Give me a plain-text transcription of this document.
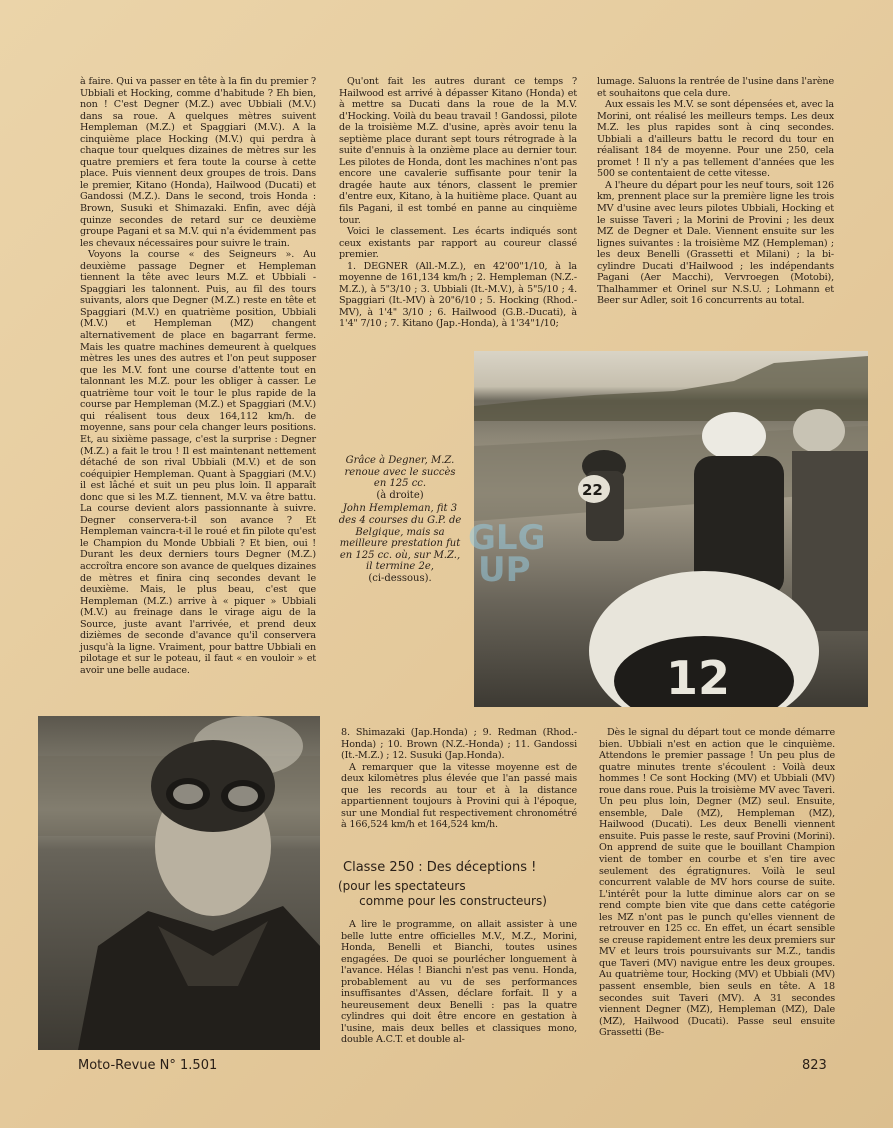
à faire. Qui va passer en tête à la fin du premier ? Ubbiali et Hocking, comme d'habitude ? Eh bien, non ! C'est Degner (M.Z.) avec Ubbiali (M.V.) dans sa roue. A quelques mètres suivent Hempleman (M.Z.) et Spaggiari (M.V.). A la cinquième place Hocking (M.V.) qui perdra à chaque tour quelques dizaines de mètres sur les quatre premiers et fera toute la course à cette place. Puis viennent deux groupes de trois. Dans le premier, Kitano (Honda), Hailwood (Ducati) et Gandossi (M.Z.). Dans le second, trois Honda : Brown, Susuki et Shimazaki. Enfin, avec déjà quinze secondes de retard sur ce deuxième groupe Pagani et sa M.V. qui n'a évidemment pas les chevaux nécessaires pour suivre le train.

Voyons la course « des Seigneurs ». Au deuxième passage Degner et Hempleman tiennent la tête avec leurs M.Z. et Ubbiali - Spaggiari les talonnent. Puis, au fil des tours suivants, alors que Degner (M.Z.) reste en tête et Spaggiari (M.V.) en quatrième position, Ubbiali (M.V.) et Hempleman (MZ) changent alternativement de place en bagarrant ferme. Mais les quatre machines demeurent à quelques mètres les unes des autres et l'on peut supposer que les M.V. font une course d'attente tout en talonnant les M.Z. pour les obliger à casser. Le quatrième tour voit le tour le plus rapide de la course par Hempleman (M.Z.) et Spaggiari (M.V.) qui réalisent tous deux 164,112 km/h. de moyenne, sans pour cela changer leurs positions. Et, au sixième passage, c'est la surprise : Degner (M.Z.) a fait le trou ! Il est maintenant nettement détaché de son rival Ubbiali (M.V.) et de son coéquipier Hempleman. Quant à Spaggiari (M.V.) il est lâché et suit un peu plus loin. Il apparaît donc que si les M.Z. tiennent, M.V. va être battu. La course devient alors passionnante à suivre. Degner conservera-t-il son avance ? Et Hempleman vaincra-t-il le roué et fin pilote qu'est le Champion du Monde Ubbiali ? Et bien, oui ! Durant les deux derniers tours Degner (M.Z.) accroîtra encore son avance de quelques dizaines de mètres et finira cinq secondes devant le deuxième. Mais, le plus beau, c'est que Hempleman (M.Z.) arrive à « piquer » Ubbiali (M.V.) au freinage dans le virage aigu de la Source, juste avant l'arrivée, et prend deux dizièmes de seconde d'avance qu'il conservera jusqu'à la ligne. Vraiment, pour battre Ubbiali en pilotage et sur le poteau, il faut « en vouloir » et avoir une belle audace.

Qu'ont fait les autres durant ce temps ? Hailwood est arrivé à dépasser Kitano (Honda) et à mettre sa Ducati dans la roue de la M.V. d'Hocking. Voilà du beau travail ! Gandossi, pilote de la troisième M.Z. d'usine, après avoir tenu la septième place durant sept tours rétrograde à la suite d'ennuis à la onzième place au dernier tour. Les pilotes de Honda, dont les machines n'ont pas encore une cavalerie suffisante pour tenir la dragée haute aux ténors, classent le premier d'entre eux, Kitano, à la huitième place. Quant au fils Pagani, il est tombé en panne au cinquième tour.

Voici le classement. Les écarts indiqués sont ceux existants par rapport au coureur classé premier.

1. DEGNER (All.-M.Z.), en 42'00"1/10, à la moyenne de 161,134 km/h ; 2. Hempleman (N.Z.-M.Z.), à 5"3/10 ; 3. Ubbiali (It.-M.V.), à 5"5/10 ; 4. Spaggiari (It.-MV) à 20"6/10 ; 5. Hocking (Rhod.-MV), à 1'4" 3/10 ; 6. Hailwood (G.B.-Ducati), à 1'4" 7/10 ; 7. Kitano (Jap.-Honda), à 1'34"1/10;

lumage. Saluons la rentrée de l'usine dans l'arène et souhaitons que cela dure.

Aux essais les M.V. se sont dépensées et, avec la Morini, ont réalisé les meilleurs temps. Les deux M.Z. les plus rapides sont à cinq secondes. Ubbiali a d'ailleurs battu le record du tour en réalisant 184 de moyenne. Pour une 250, cela promet ! Il n'y a pas tellement d'années que les 500 se contentaient de cette vitesse.

A l'heure du départ pour les neuf tours, soit 126 km, prennent place sur la première ligne les trois MV d'usine avec leurs pilotes Ubbiali, Hocking et le suisse Taveri ; la Morini de Provini ; les deux MZ de Degner et Dale. Viennent ensuite sur les lignes suivantes : la troisième MZ (Hempleman) ; les deux Benelli (Grassetti et Milani) ; la bi-cylindre Ducati d'Hailwood ; les indépendants Pagani (Aer Macchi), Vervroegen (Motobi), Thalhammer et Orinel sur N.S.U. ; Lohmann et Beer sur Adler, soit 16 concurrents au total.

Grâce à Degner, M.Z. renoue avec le succès en 125 cc.
(à droite)

John Hempleman, fit 3 des 4 courses du G.P. de Belgique, mais sa meilleure prestation fut en 125 cc. où, sur M.Z., il termine 2e,
(ci-dessous).

22
12
GLG
UP

8. Shimazaki (Jap.Honda) ; 9. Redman (Rhod.-Honda) ; 10. Brown (N.Z.-Honda) ; 11. Gandossi (It.-M.Z.) ; 12. Susuki (Jap.Honda).

A remarquer que la vitesse moyenne est de deux kilomètres plus élevée que l'an passé mais que les records au tour et à la distance appartiennent toujours à Provini qui à l'époque, sur une Mondial fut respectivement chronométré à 166,524 km/h et 164,524 km/h.

Classe 250 : Des déceptions !
(pour les spectateurs
comme pour les constructeurs)

A lire le programme, on allait assister à une belle lutte entre officielles M.V., M.Z., Morini, Honda, Benelli et Bianchi, toutes usines engagées. De quoi se pourlécher longuement à l'avance. Hélas ! Bianchi n'est pas venu. Honda, probablement au vu de ses performances insuffisantes d'Assen, déclare forfait. Il y a heureusement deux Benelli : pas la quatre cylindres qui doit être encore en gestation à l'usine, mais deux belles et classiques mono, double A.C.T. et double al-

Dès le signal du départ tout ce monde démarre bien. Ubbiali n'est en action que le cinquième. Attendons le premier passage ! Un peu plus de quatre minutes trente s'écoulent : Voilà deux hommes ! Ce sont Hocking (MV) et Ubbiali (MV) roue dans roue. Puis la troisième MV avec Taveri. Un peu plus loin, Degner (MZ) seul. Ensuite, ensemble, Dale (MZ), Hempleman (MZ), Hailwood (Ducati). Les deux Benelli viennent ensuite. Puis passe le reste, sauf Provini (Morini). On apprend de suite que le bouillant Champion vient de tomber en courbe et s'en tire avec seulement des égratignures. Voilà le seul concurrent valable de MV hors course de suite. L'intérêt pour la lutte diminue alors car on se rend compte bien vite que dans cette catégorie les MZ n'ont pas le punch qu'elles viennent de retrouver en 125 cc. En effet, un écart sensible se creuse rapidement entre les deux premiers sur MV et leurs trois poursuivants sur M.Z., tandis que Taveri (MV) navigue entre les deux groupes. Au quatrième tour, Hocking (MV) et Ubbiali (MV) passent ensemble, bien seuls en tête. A 18 secondes suit Taveri (MV). A 31 secondes viennent Degner (MZ), Hempleman (MZ), Dale (MZ), Hailwood (Ducati). Passe seul ensuite Grassetti (Be-

Moto-Revue N° 1.501	823
